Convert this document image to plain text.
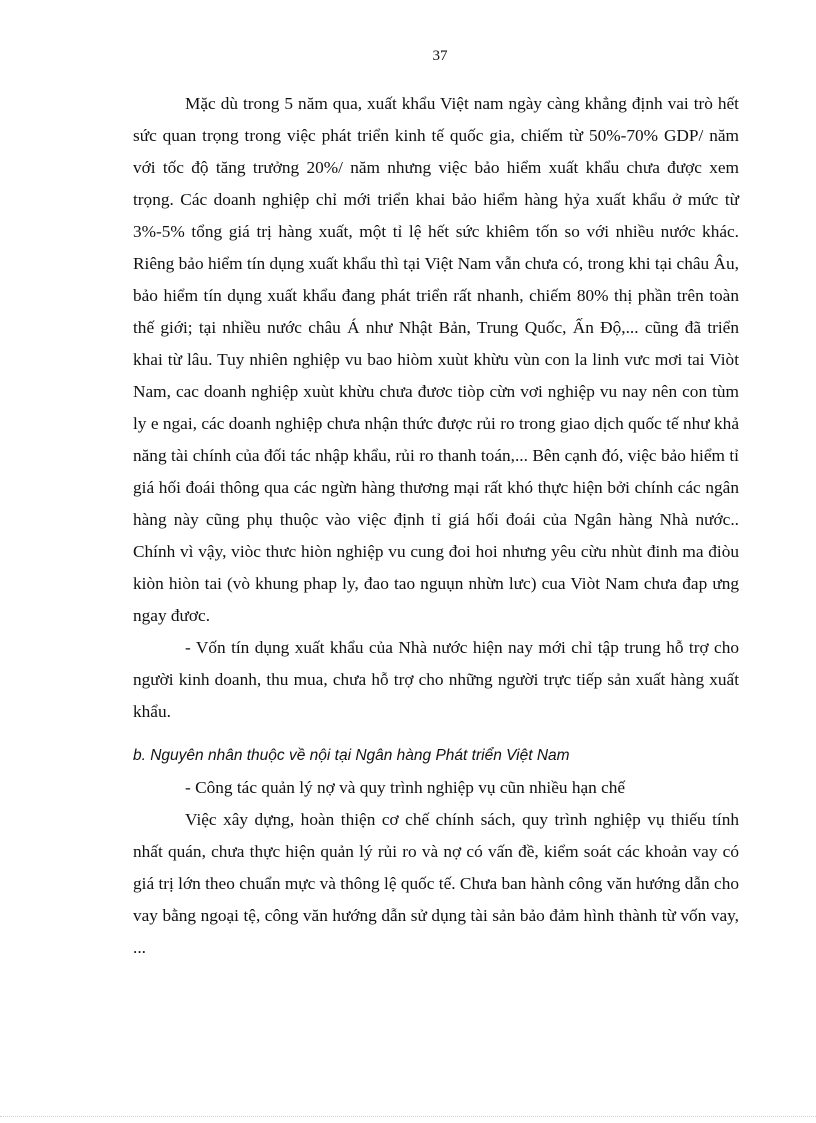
37

Mặc dù trong 5 năm qua, xuất khẩu Việt nam ngày càng khẳng định vai trò hết sức quan trọng trong việc phát triển kinh tế quốc gia, chiếm từ 50%-70% GDP/ năm với tốc độ tăng trưởng 20%/ năm nhưng việc bảo hiểm xuất khẩu chưa được xem trọng. Các doanh nghiệp chỉ mới triển khai bảo hiểm hàng hỷa xuất khẩu ở mức từ 3%-5% tổng giá trị hàng xuất, một tỉ lệ hết sức khiêm tốn so với nhiều nước khác. Riêng bảo hiểm tín dụng xuất khẩu thì tại Việt Nam vẫn chưa có, trong khi tại châu Âu, bảo hiểm tín dụng xuất khẩu đang phát triển rất nhanh, chiếm 80% thị phần trên toàn thế giới; tại nhiều nước châu Á như Nhật Bản, Trung Quốc, Ấn Độ,... cũng đã triển khai từ lâu. Tuy nhiên nghiệp vu bao hiòm xuùt khừu vùn con la linh vưc mơi tai Viòt Nam, cac doanh nghiệp xuùt khừu chưa đươc tiòp cừn vơi nghiệp vu nay nên con tùm ly e ngai, các doanh nghiệp chưa nhận thức được rủi ro trong giao dịch quốc tế như khả năng tài chính của đối tác nhập khẩu, rủi ro thanh toán,... Bên cạnh đó, việc bảo hiểm tỉ giá hối đoái thông qua các ngừn hàng thương mại rất khó thực hiện bởi chính các ngân hàng này cũng phụ thuộc vào việc định tỉ giá hối đoái của Ngân hàng Nhà nước.. Chính vì vậy, viòc thưc hiòn nghiệp vu cung đoi hoi nhưng yêu cừu nhùt đinh ma điòu kiòn hiòn tai (vò khung phap ly, đao tao nguụn nhừn lưc) cua Viòt Nam chưa đap ưng ngay đươc.

- Vốn tín dụng xuất khẩu của Nhà nước hiện nay mới chỉ tập trung hỗ trợ cho người kinh doanh, thu mua, chưa hỗ trợ cho những người trực tiếp sản xuất hàng xuất khẩu.

b. Nguyên nhân thuộc về nội tại Ngân hàng Phát triển Việt Nam

- Công tác quản lý nợ và quy trình nghiệp vụ cũn nhiều hạn chế

Việc xây dựng, hoàn thiện cơ chế chính sách, quy trình nghiệp vụ thiếu tính nhất quán, chưa thực hiện quản lý rủi ro và nợ có vấn đề, kiểm soát các khoản vay có giá trị lớn theo chuẩn mực và thông lệ quốc tế. Chưa ban hành công văn hướng dẫn cho vay bằng ngoại tệ, công văn hướng dẫn sử dụng tài sản bảo đảm hình thành từ vốn vay, ...
